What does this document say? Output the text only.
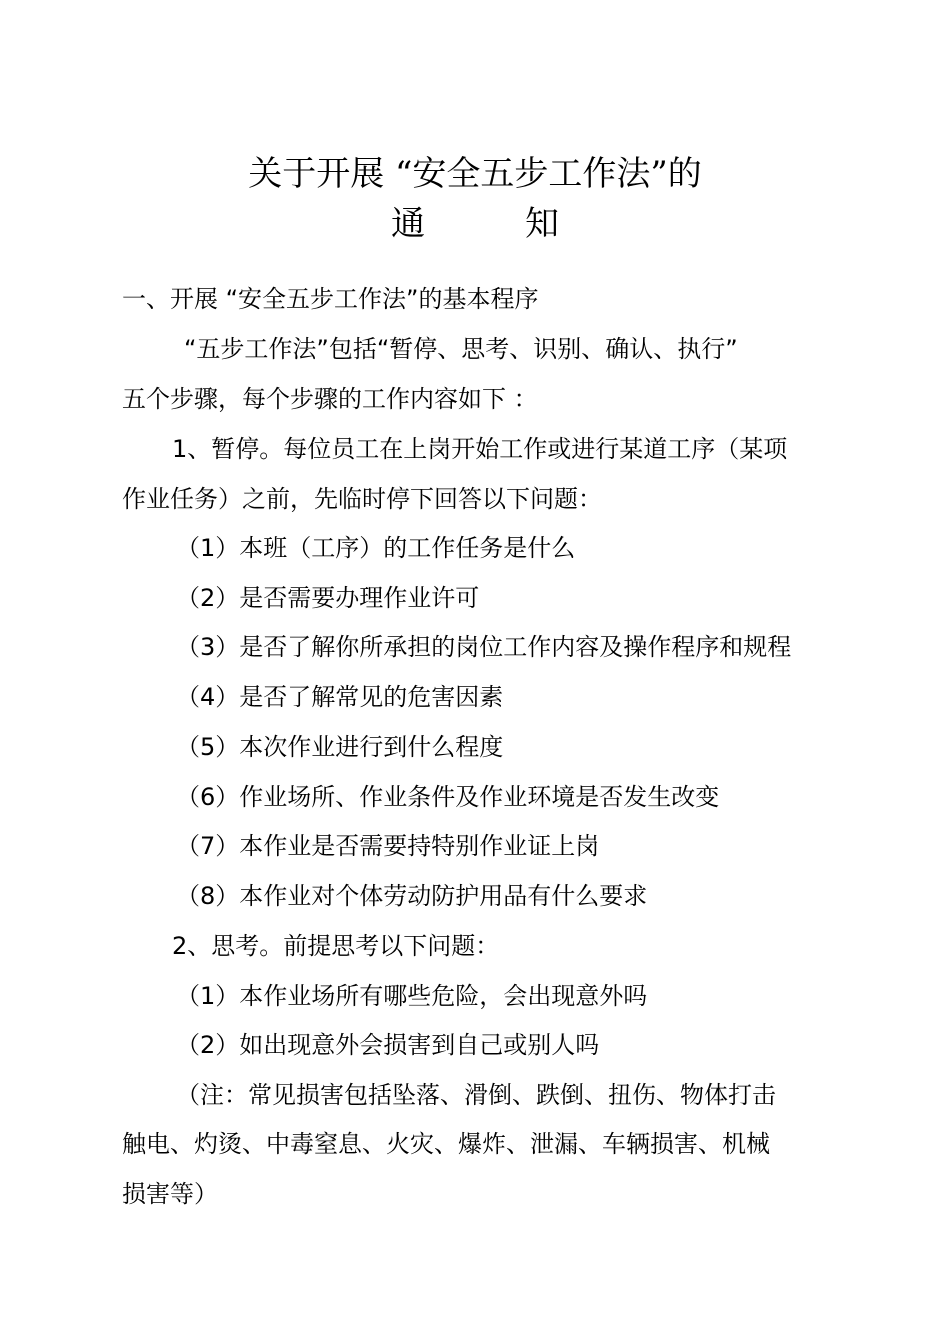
关于开展 “安全五步工作法”的
通知
一、开展 “安全五步工作法”的基本程序
“五步工作法”包括“暂停、思考、识别、确认、执行”
五个步骤，每个步骤的工作内容如下 ：
1、暂停。每位员工在上岗开始工作或进行某道工序（某项
作业任务）之前，先临时停下回答以下问题：
（1）本班（工序）的工作任务是什么
（2）是否需要办理作业许可
（3）是否了解你所承担的岗位工作内容及操作程序和规程
（4）是否了解常见的危害因素
（5）本次作业进行到什么程度
（6）作业场所、作业条件及作业环境是否发生改变
（7）本作业是否需要持特别作业证上岗
（8）本作业对个体劳动防护用品有什么要求
2、思考。前提思考以下问题：
（1）本作业场所有哪些危险，会出现意外吗
（2）如出现意外会损害到自己或别人吗
（注：常见损害包括坠落、滑倒、跌倒、扭伤、物体打击
触电、灼烫、中毒窒息、火灾、爆炸、泄漏、车辆损害、机械
损害等）
